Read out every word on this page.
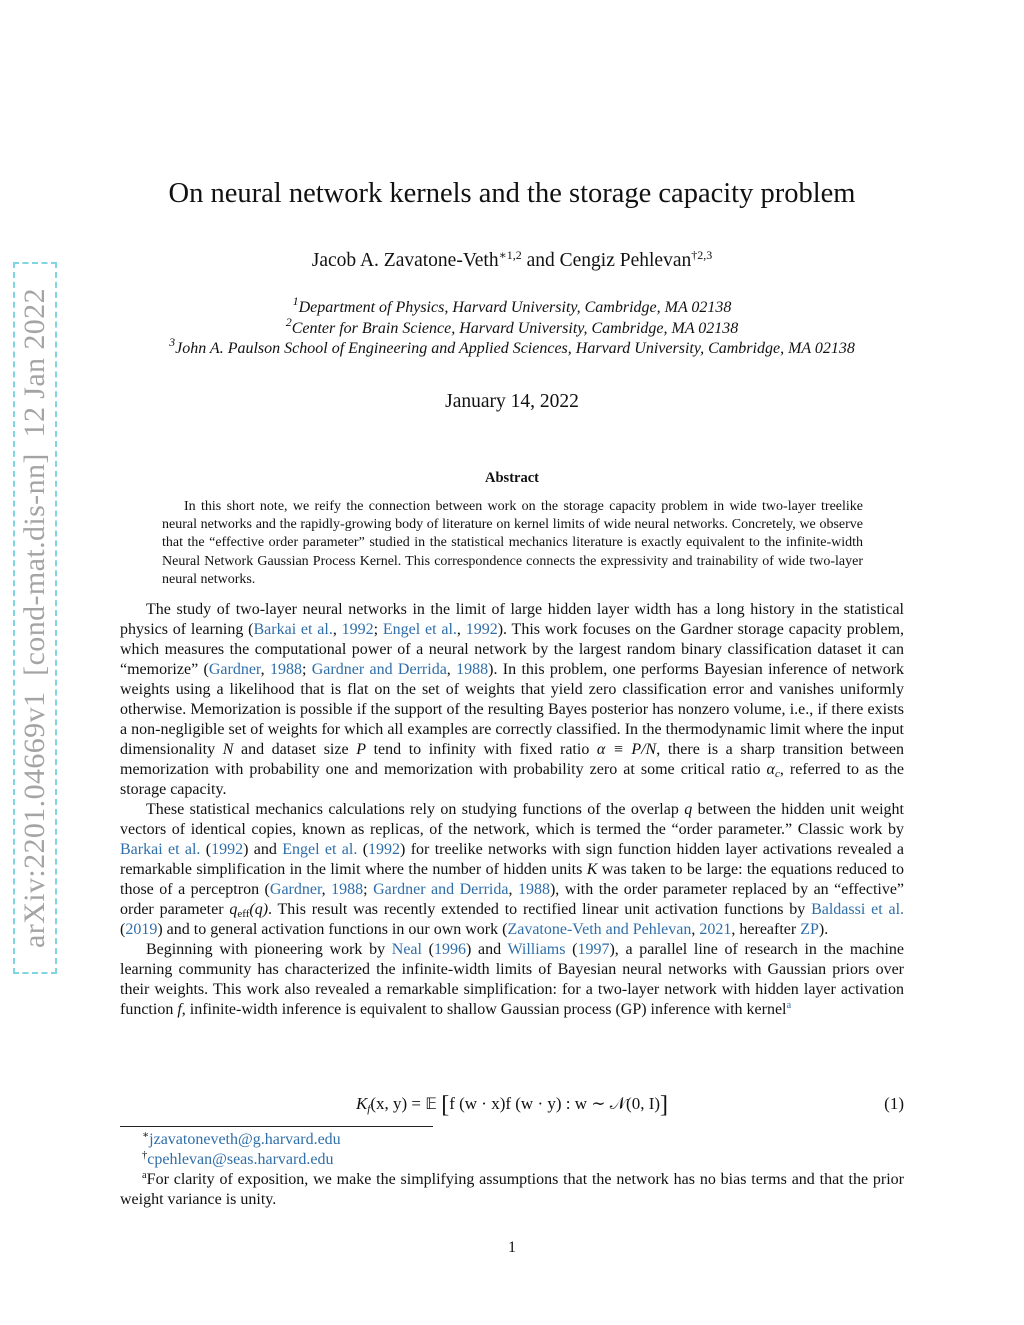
arXiv:2201.04669v1  [cond-mat.dis-nn]  12 Jan 2022
On neural network kernels and the storage capacity problem
Jacob A. Zavatone-Veth$^{∗1,2}$ and Cengiz Pehlevan$^{\dagger 2,3}$
$^1$Department of Physics, Harvard University, Cambridge, MA 02138
$^2$Center for Brain Science, Harvard University, Cambridge, MA 02138
$^3$John A. Paulson School of Engineering and Applied Sciences, Harvard University, Cambridge, MA 02138
January 14, 2022
Abstract

In this short note, we reify the connection between work on the storage capacity problem in wide two-layer treelike neural networks and the rapidly-growing body of literature on kernel limits of wide neural networks. Concretely, we observe that the “effective order parameter” studied in the statistical mechanics literature is exactly equivalent to the infinite-width Neural Network Gaussian Process Kernel. This correspondence connects the expressivity and trainability of wide two-layer neural networks.

The study of two-layer neural networks in the limit of large hidden layer width has a long history in the statistical physics of learning (Barkai et al., 1992; Engel et al., 1992). This work focuses on the Gardner storage capacity problem, which measures the computational power of a neural network by the largest random binary classification dataset it can “memorize” (Gardner, 1988; Gardner and Derrida, 1988). In this problem, one performs Bayesian inference of network weights using a likelihood that is flat on the set of weights that yield zero classification error and vanishes uniformly otherwise. Memorization is possible if the support of the resulting Bayes posterior has nonzero volume, i.e., if there exists a non-negligible set of weights for which all examples are correctly classified. In the thermodynamic limit where the input dimensionality N and dataset size P tend to infinity with fixed ratio α ≡ P/N, there is a sharp transition between memorization with probability one and memorization with probability zero at some critical ratio $\alpha_c$, referred to as the storage capacity.

These statistical mechanics calculations rely on studying functions of the overlap q between the hidden unit weight vectors of identical copies, known as replicas, of the network, which is termed the “order parameter.” Classic work by Barkai et al. (1992) and Engel et al. (1992) for treelike networks with sign function hidden layer activations revealed a remarkable simplification in the limit where the number of hidden units K was taken to be large: the equations reduced to those of a perceptron (Gardner, 1988; Gardner and Derrida, 1988), with the order parameter replaced by an “effective” order parameter $q_{eff}(q)$. This result was recently extended to rectified linear unit activation functions by Baldassi et al. (2019) and to general activation functions in our own work (Zavatone-Veth and Pehlevan, 2021, hereafter ZP).

Beginning with pioneering work by Neal (1996) and Williams (1997), a parallel line of research in the machine learning community has characterized the infinite-width limits of Bayesian neural networks with Gaussian priors over their weights. This work also revealed a remarkable simplification: for a two-layer network with hidden layer activation function f, infinite-width inference is equivalent to shallow Gaussian process (GP) inference with kernel$^a$

$K_f(x$, y) = 𝔼 [f (w · x)f (w · y) : w ∼ 𝒩(0, I)]	(1)

∗jzavatoneveth@g.harvard.edu

†cpehlevan@seas.harvard.edu

$^a$For clarity of exposition, we make the simplifying assumptions that the network has no bias terms and that the prior weight variance is unity.

1
